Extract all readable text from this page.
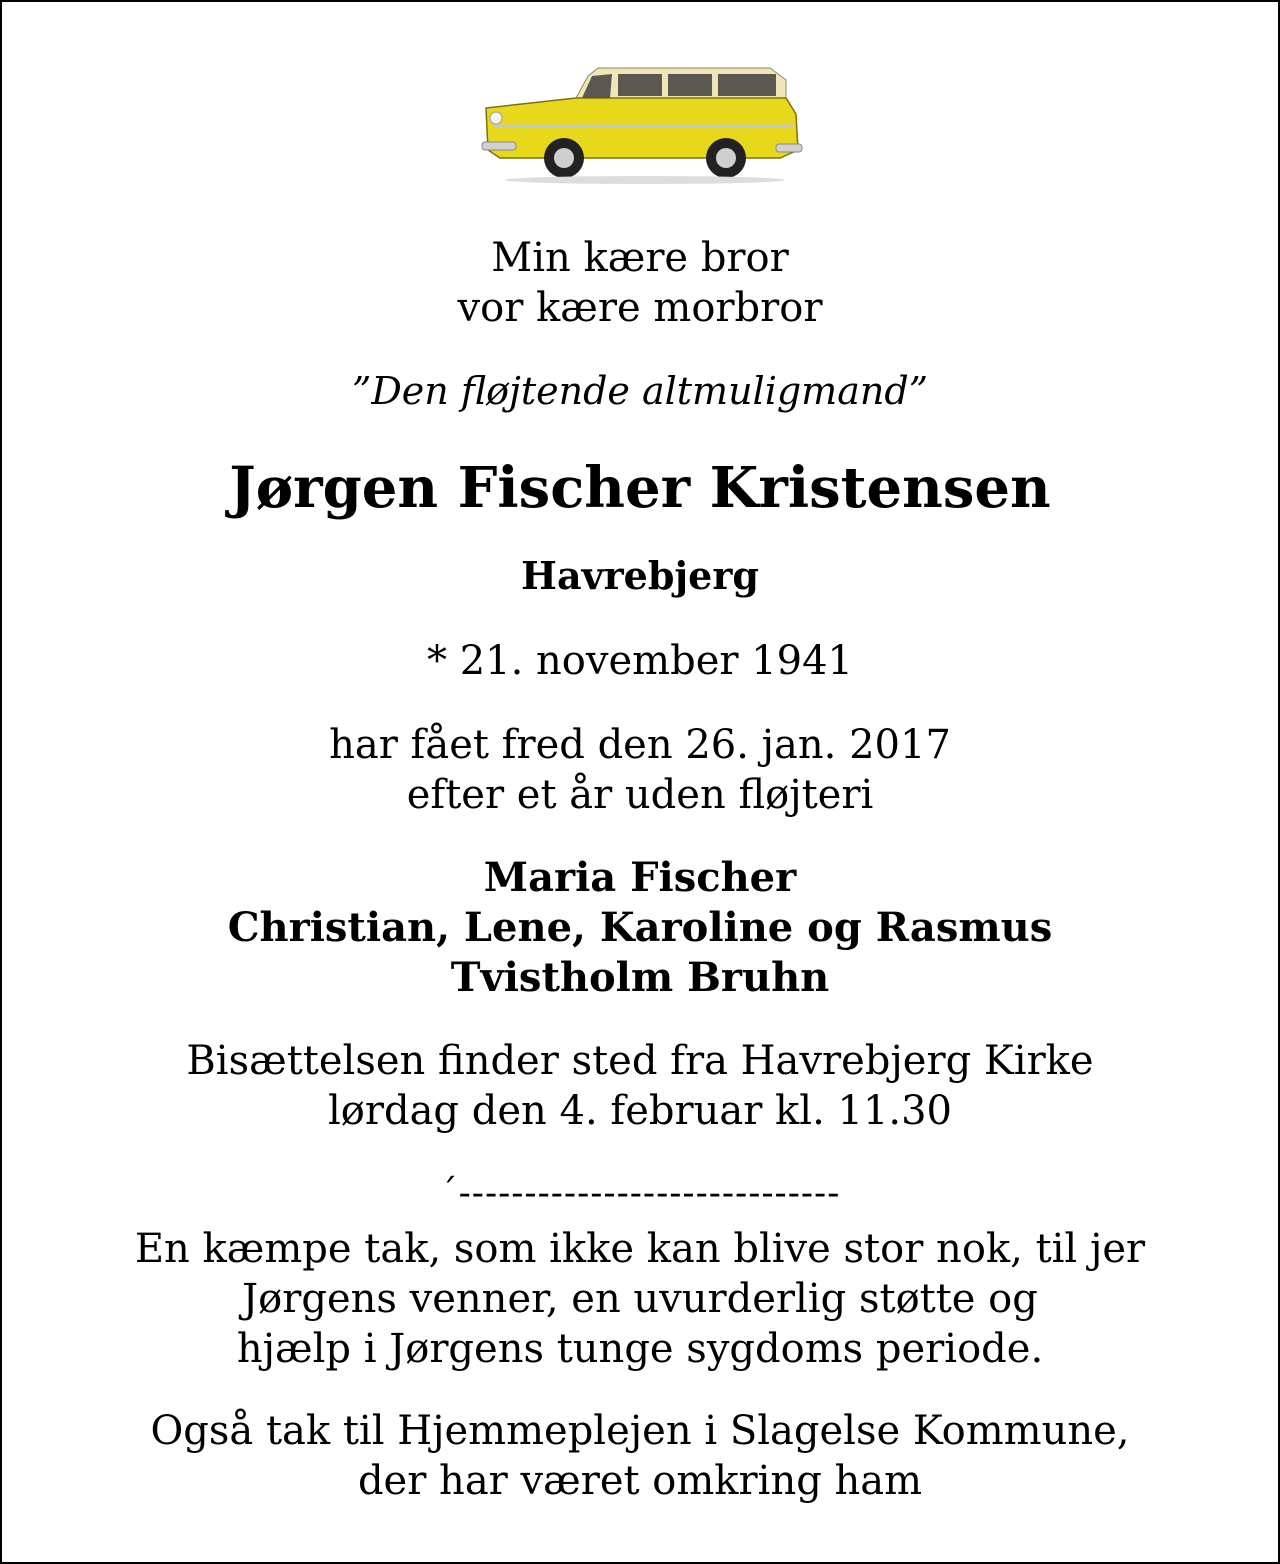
Min kære bror
vor kære morbror
”Den fløjtende altmuligmand”
Jørgen Fischer Kristensen
Havrebjerg
* 21. november 1941
har fået fred den 26. jan. 2017
efter et år uden fløjteri
Maria Fischer
Christian, Lene, Karoline og Rasmus
Tvistholm Bruhn
Bisættelsen finder sted fra Havrebjerg Kirke
lørdag den 4. februar kl. 11.30
´-----------------------------
En kæmpe tak, som ikke kan blive stor nok, til jer
Jørgens venner, en uvurderlig støtte og
hjælp i Jørgens tunge sygdoms periode.
Også tak til Hjemmeplejen i Slagelse Kommune,
der har været omkring ham
